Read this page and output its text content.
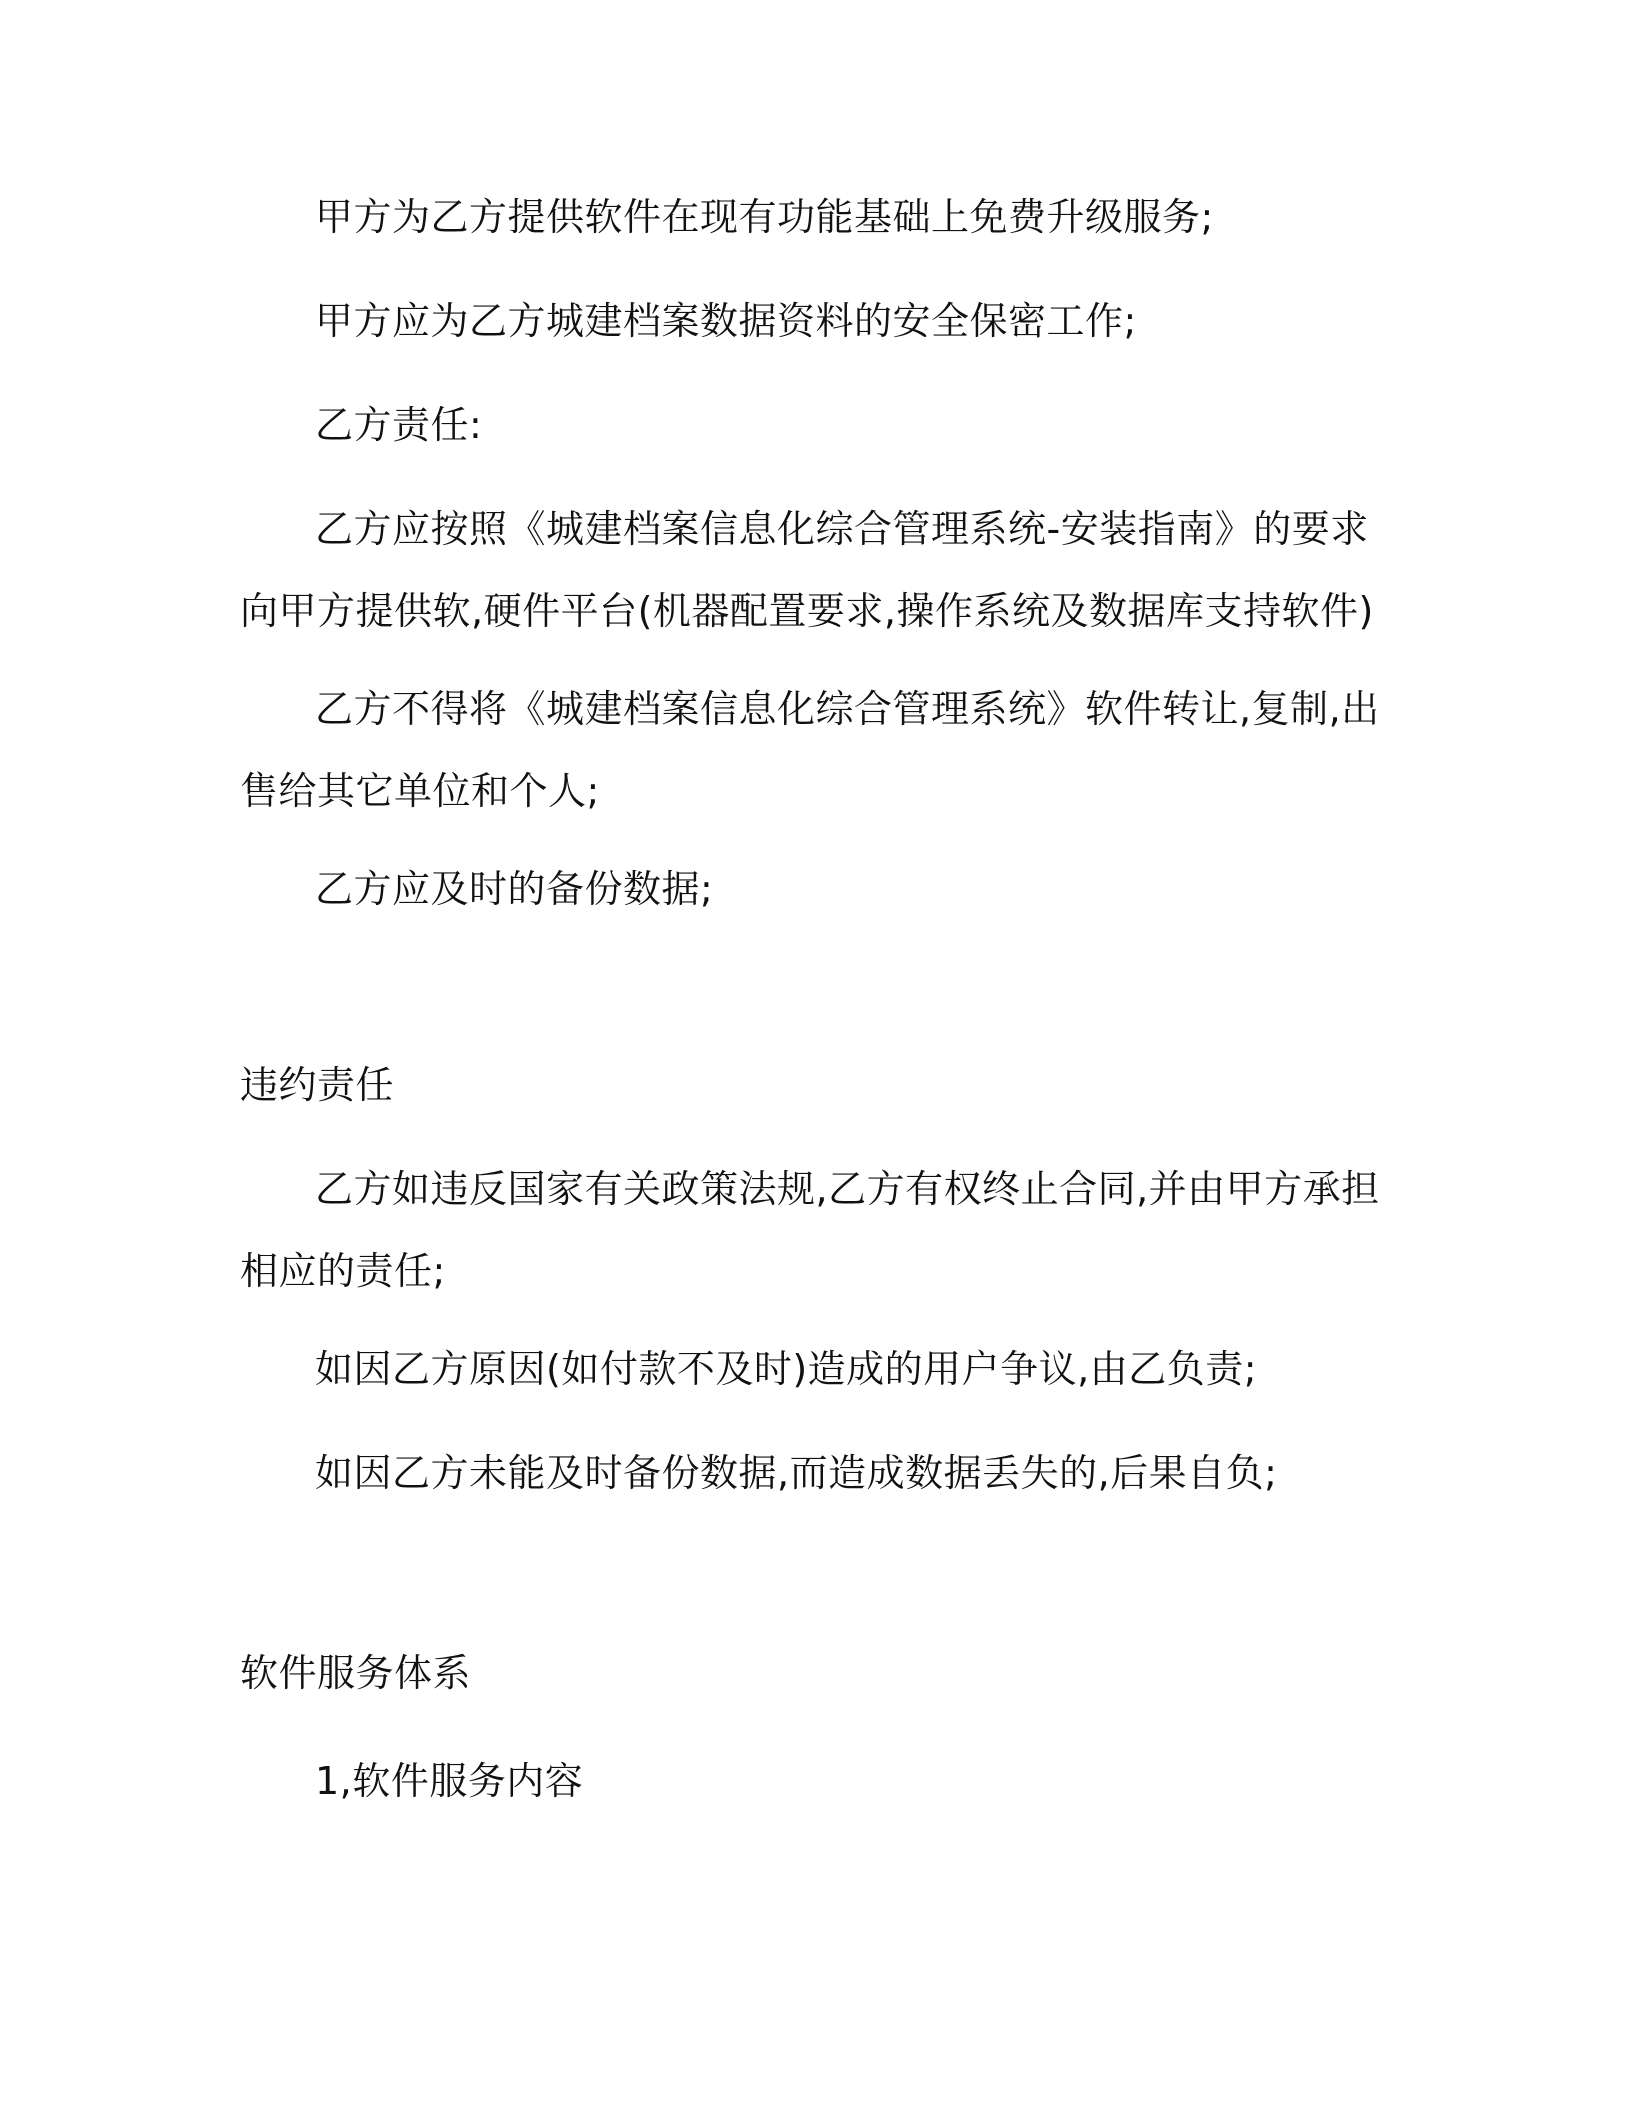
甲方为乙方提供软件在现有功能基础上免费升级服务;

甲方应为乙方城建档案数据资料的安全保密工作;

乙方责任:

乙方应按照《城建档案信息化综合管理系统-安装指南》的要求向甲方提供软,硬件平台(机器配置要求,操作系统及数据库支持软件)

乙方不得将《城建档案信息化综合管理系统》软件转让,复制,出售给其它单位和个人;

乙方应及时的备份数据;

违约责任

乙方如违反国家有关政策法规,乙方有权终止合同,并由甲方承担相应的责任;

如因乙方原因(如付款不及时)造成的用户争议,由乙负责;

如因乙方未能及时备份数据,而造成数据丢失的,后果自负;

软件服务体系

1,软件服务内容
